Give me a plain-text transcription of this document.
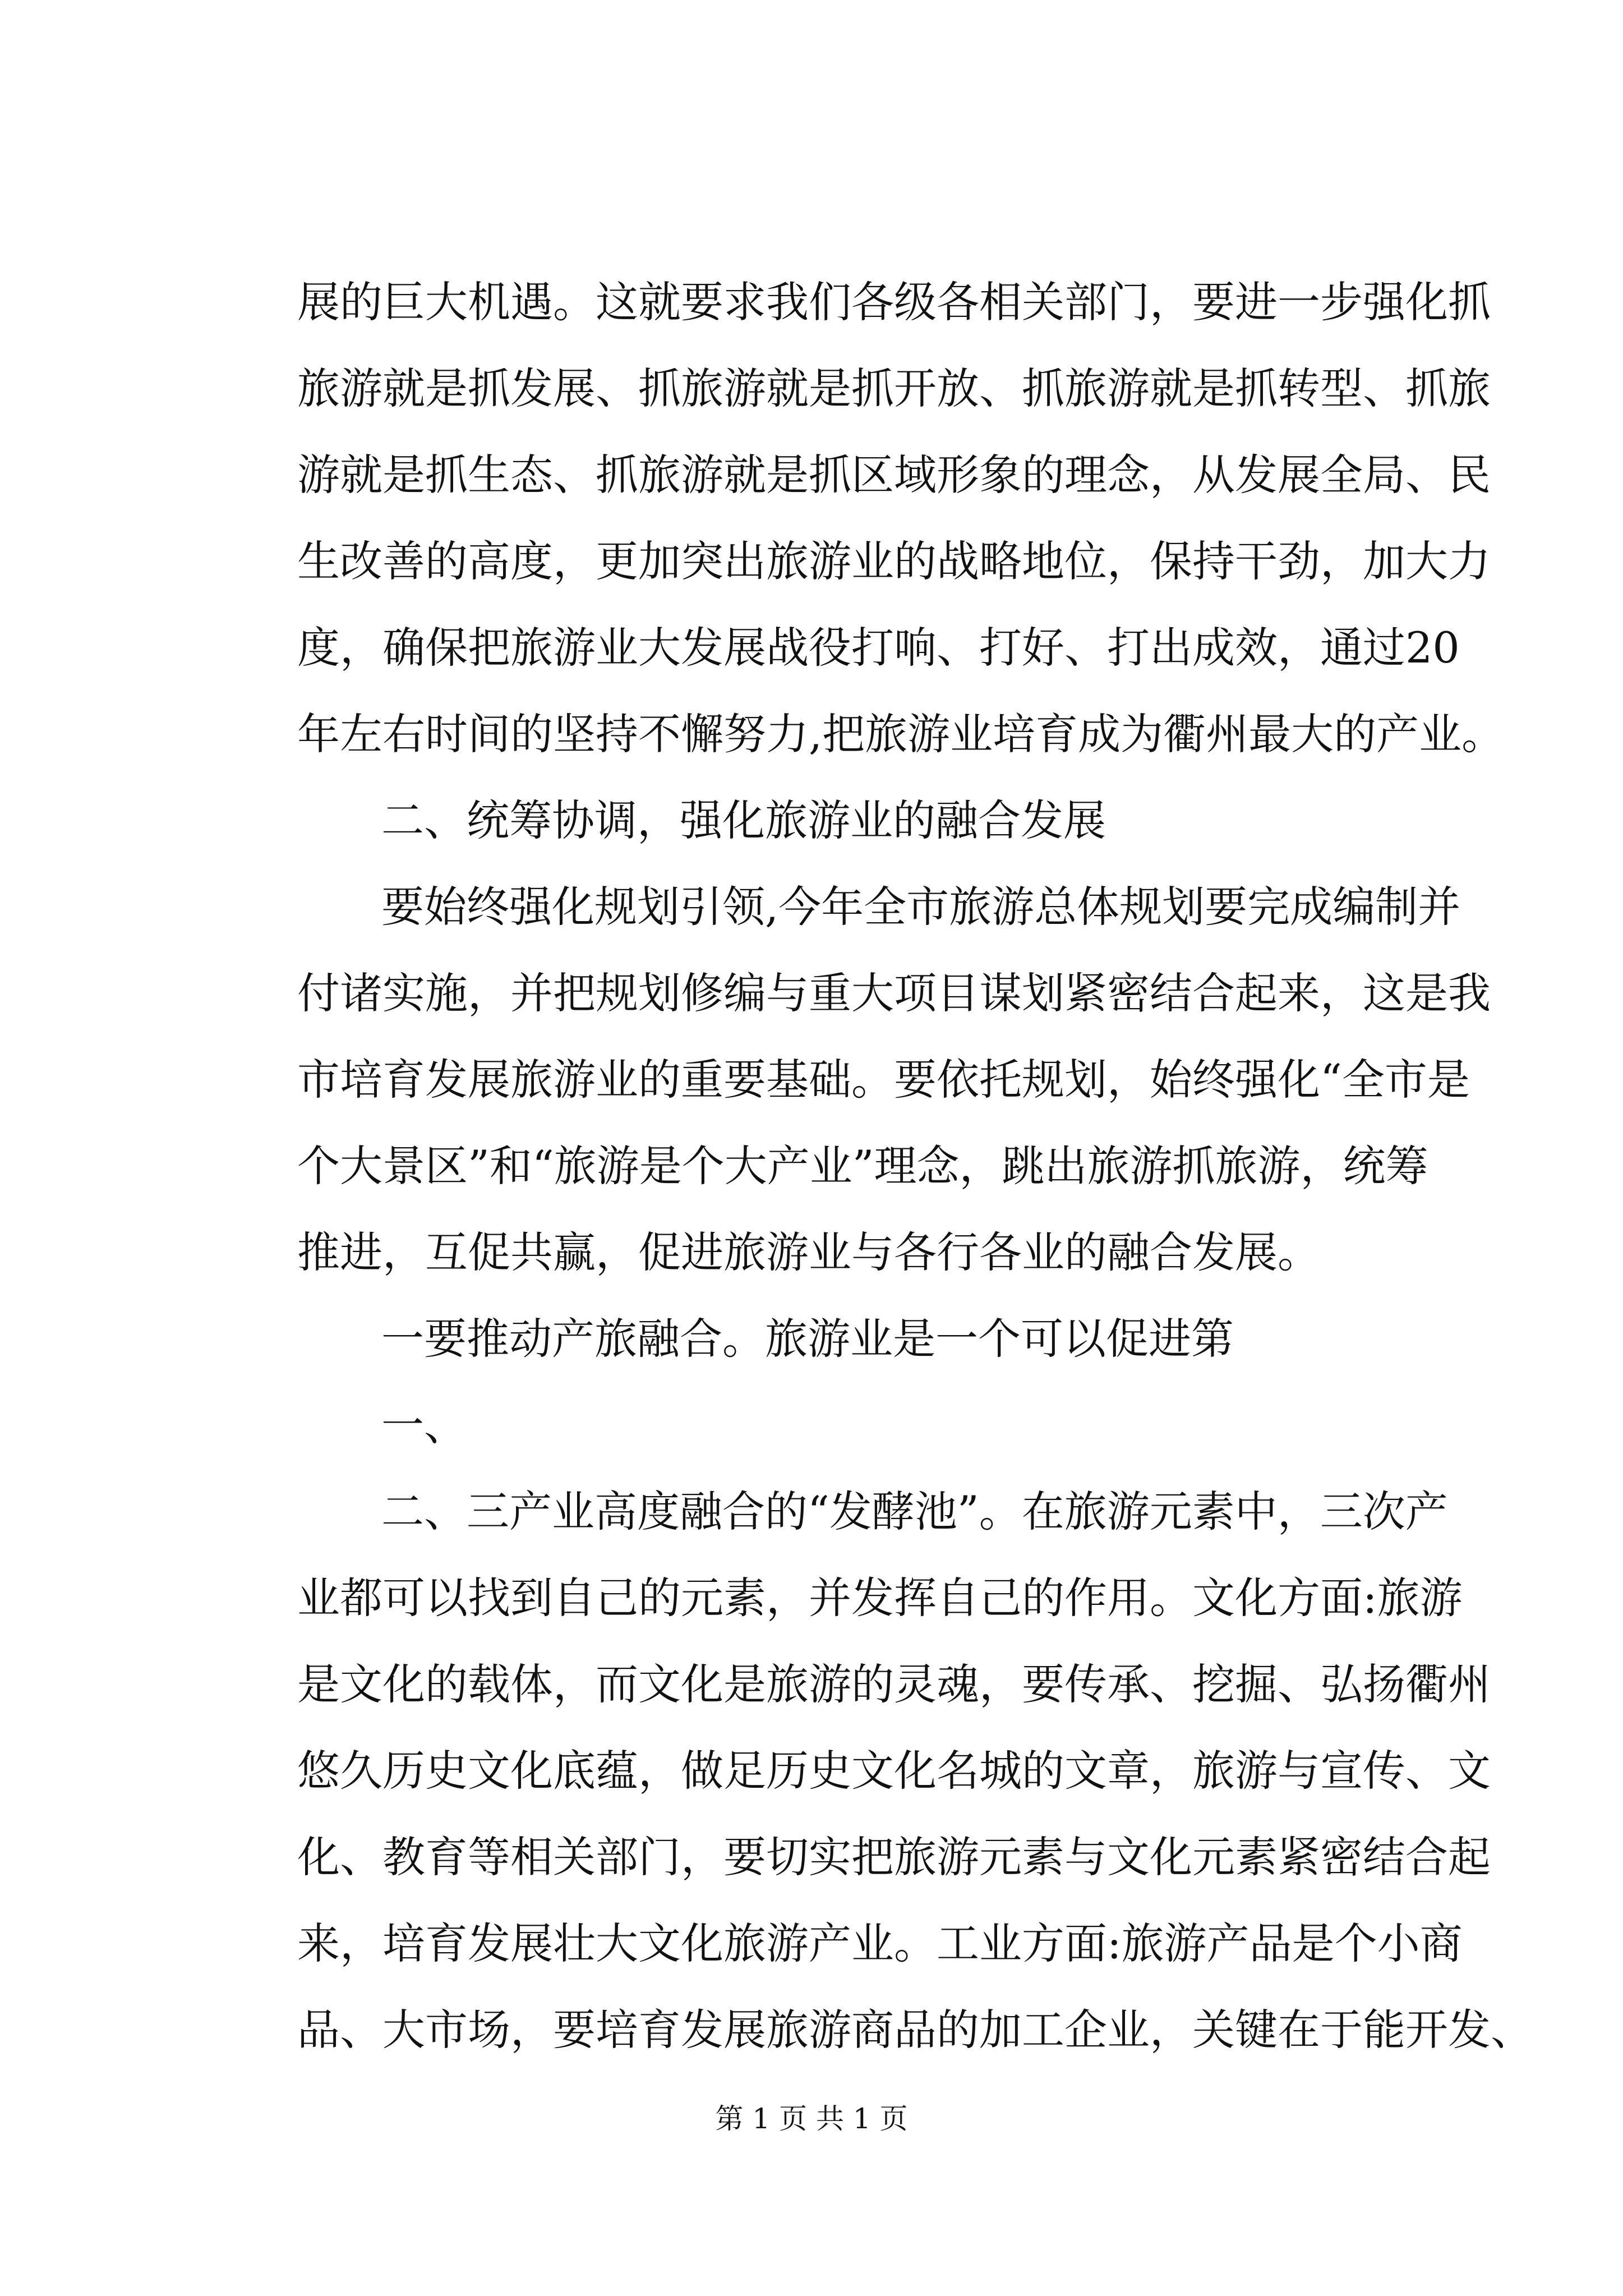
展的巨大机遇。这就要求我们各级各相关部门，要进一步强化抓
旅游就是抓发展、抓旅游就是抓开放、抓旅游就是抓转型、抓旅
游就是抓生态、抓旅游就是抓区域形象的理念，从发展全局、民
生改善的高度，更加突出旅游业的战略地位，保持干劲，加大力
度，确保把旅游业大发展战役打响、打好、打出成效，通过20
年左右时间的坚持不懈努力,把旅游业培育成为衢州最大的产业。
二、统筹协调，强化旅游业的融合发展
要始终强化规划引领,今年全市旅游总体规划要完成编制并
付诸实施，并把规划修编与重大项目谋划紧密结合起来，这是我
市培育发展旅游业的重要基础。要依托规划，始终强化“全市是
个大景区”和“旅游是个大产业”理念，跳出旅游抓旅游，统筹
推进，互促共赢，促进旅游业与各行各业的融合发展。
一要推动产旅融合。旅游业是一个可以促进第
一、
二、三产业高度融合的“发酵池”。在旅游元素中，三次产
业都可以找到自己的元素，并发挥自己的作用。文化方面:旅游
是文化的载体，而文化是旅游的灵魂，要传承、挖掘、弘扬衢州
悠久历史文化底蕴，做足历史文化名城的文章，旅游与宣传、文
化、教育等相关部门，要切实把旅游元素与文化元素紧密结合起
来，培育发展壮大文化旅游产业。工业方面:旅游产品是个小商
品、大市场，要培育发展旅游商品的加工企业，关键在于能开发、
第 1 页 共 1 页
